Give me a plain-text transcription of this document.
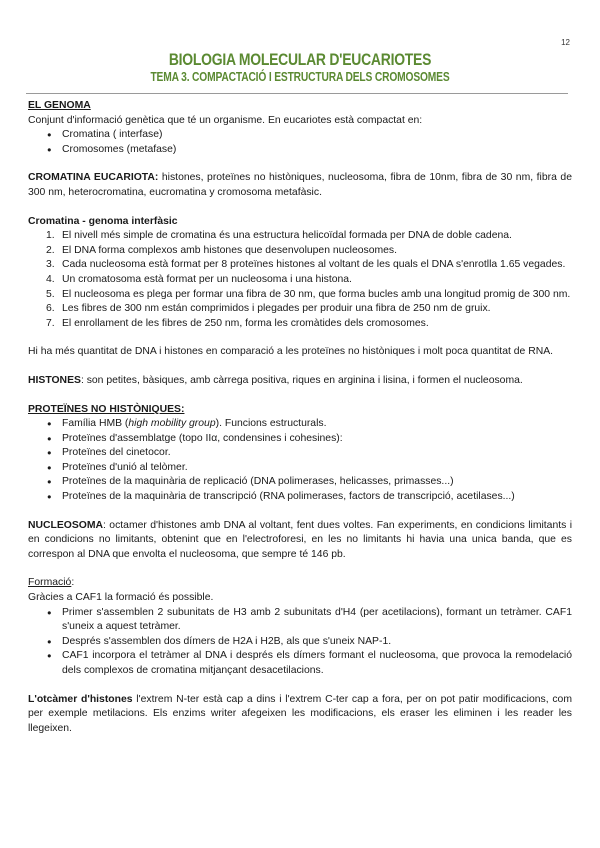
12
BIOLOGIA MOLECULAR D'EUCARIOTES
TEMA 3. COMPACTACIÓ I ESTRUCTURA DELS CROMOSOMES

EL GENOMA

Conjunt d'informació genètica que té un organisme. En eucariotes està compactat en:

● Cromatina ( interfase)
● Cromosomes (metafase)

CROMATINA EUCARIOTA: histones, proteïnes no històniques, nucleosoma, fibra de 10nm, fibra de 30 nm, fibra de 300 nm, heterocromatina, eucromatina y cromosoma metafàsic.

Cromatina - genoma interfàsic

1. El nivell més simple de cromatina és una estructura helicoïdal formada per DNA de doble cadena.
2. El DNA forma complexos amb histones que desenvolupen nucleosomes.
3. Cada nucleosoma està format per 8 proteïnes histones al voltant de les quals el DNA s'enrotlla 1.65 vegades.
4. Un cromatosoma està format per un nucleosoma i una histona.
5. El nucleosoma es plega per formar una fibra de 30 nm, que forma bucles amb una longitud promig de 300 nm.
6. Les fibres de 300 nm están comprimidos i plegades per produir una fibra de 250 nm de gruix.
7. El enrollament de les fibres de 250 nm, forma les cromàtides dels cromosomes.

Hi ha més quantitat de DNA i histones en comparació a les proteïnes no històniques i molt poca quantitat de RNA.

HISTONES: son petites, bàsiques, amb càrrega positiva, riques en arginina i lisina, i formen el nucleosoma.

PROTEÏNES NO HISTÒNIQUES:

● Família HMB (high mobility group). Funcions estructurals.
● Proteïnes d'assemblatge (topo IIα, condensines i cohesines):
● Proteïnes del cinetocor.
● Proteïnes d'unió al telòmer.
● Proteïnes de la maquinària de replicació (DNA polimerases, helicasses, primasses...)
● Proteïnes de la maquinària de transcripció (RNA polimerases, factors de transcripció, acetilases...)

NUCLEOSOMA: octamer d'histones amb DNA al voltant, fent dues voltes. Fan experiments, en condicions limitants i en condicions no limitants, obtenint que en l'electroforesi, en les no limitants hi havia una unica banda, que es correspon al DNA que envolta el nucleosoma, que sempre té 146 pb.

Formació:

Gràcies a CAF1 la formació és possible.

● Primer s'assemblen 2 subunitats de H3 amb 2 subunitats d'H4 (per acetilacions), formant un tetràmer. CAF1 s'uneix a aquest tetràmer.
● Després s'assemblen dos dímers de H2A i H2B, als que s'uneix NAP-1.
● CAF1 incorpora el tetràmer al DNA i després els dímers formant el nucleosoma, que provoca la remodelació dels complexos de cromatina mitjançant desacetilacions.

L'otcàmer d'histones l'extrem N-ter està cap a dins i l'extrem C-ter cap a fora, per on pot patir modificacions, com per exemple metilacions. Els enzims writer afegeixen les modificacions, els eraser les eliminen i les reader les llegeixen.
